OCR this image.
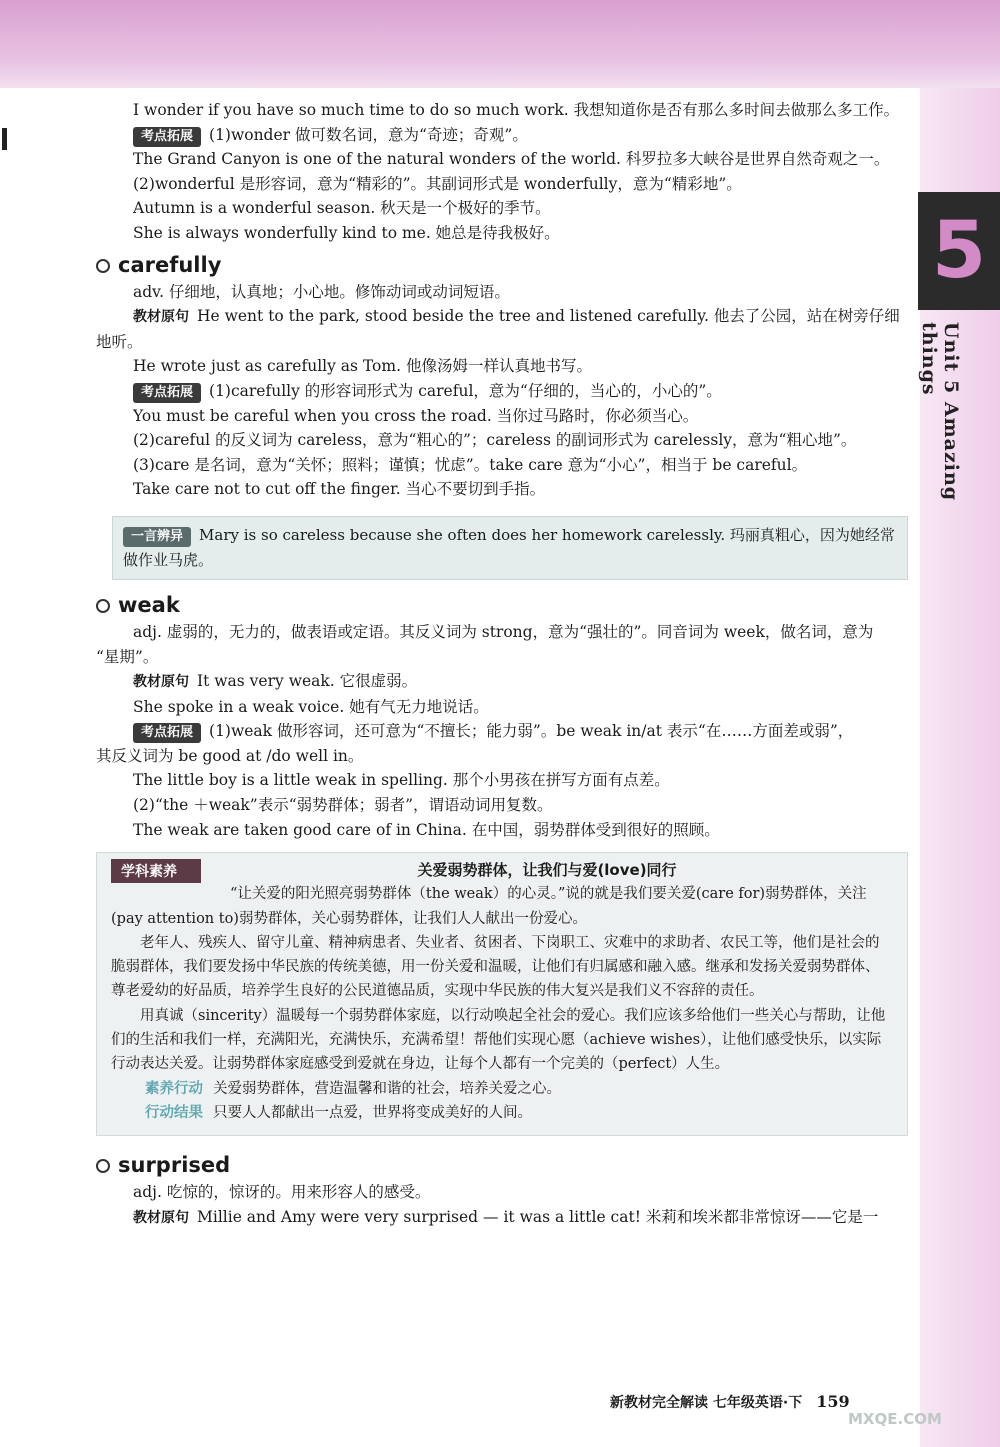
5
Unit 5 Amazing things
I wonder if you have so much time to do so much work. 我想知道你是否有那么多时间去做那么多工作。
考点拓展 (1)wonder 做可数名词，意为“奇迹；奇观”。
The Grand Canyon is one of the natural wonders of the world. 科罗拉多大峡谷是世界自然奇观之一。
(2)wonderful 是形容词，意为“精彩的”。其副词形式是 wonderfully，意为“精彩地”。
Autumn is a wonderful season. 秋天是一个极好的季节。
She is always wonderfully kind to me. 她总是待我极好。
carefully
adv. 仔细地，认真地；小心地。修饰动词或动词短语。
教材原句 He went to the park, stood beside the tree and listened carefully. 他去了公园，站在树旁仔细
地听。
He wrote just as carefully as Tom. 他像汤姆一样认真地书写。
考点拓展 (1)carefully 的形容词形式为 careful，意为“仔细的，当心的，小心的”。
You must be careful when you cross the road. 当你过马路时，你必须当心。
(2)careful 的反义词为 careless，意为“粗心的”；careless 的副词形式为 carelessly，意为“粗心地”。
(3)care 是名词，意为“关怀；照料；谨慎；忧虑”。take care 意为“小心”，相当于 be careful。
Take care not to cut off the finger. 当心不要切到手指。
一言辨异 Mary is so careless because she often does her homework carelessly. 玛丽真粗心，因为她经常做作业马虎。
weak
adj. 虚弱的，无力的，做表语或定语。其反义词为 strong，意为“强壮的”。同音词为 week，做名词，意为
“星期”。
教材原句 It was very weak. 它很虚弱。
She spoke in a weak voice. 她有气无力地说话。
考点拓展 (1)weak 做形容词，还可意为“不擅长；能力弱”。be weak in/at 表示“在……方面差或弱”，
其反义词为 be good at /do well in。
The little boy is a little weak in spelling. 那个小男孩在拼写方面有点差。
(2)“the ＋weak”表示“弱势群体；弱者”，谓语动词用复数。
The weak are taken good care of in China. 在中国，弱势群体受到很好的照顾。
学科素养	关爱弱势群体，让我们与爱(love)同行

“让关爱的阳光照亮弱势群体（the weak）的心灵。”说的就是我们要关爱(care for)弱势群体，关注(pay attention to)弱势群体，关心弱势群体，让我们人人献出一份爱心。

老年人、残疾人、留守儿童、精神病患者、失业者、贫困者、下岗职工、灾难中的求助者、农民工等，他们是社会的脆弱群体，我们要发扬中华民族的传统美德，用一份关爱和温暖，让他们有归属感和融入感。继承和发扬关爱弱势群体、尊老爱幼的好品质，培养学生良好的公民道德品质，实现中华民族的伟大复兴是我们义不容辞的责任。

用真诚（sincerity）温暖每一个弱势群体家庭，以行动唤起全社会的爱心。我们应该多给他们一些关心与帮助，让他们的生活和我们一样，充满阳光，充满快乐，充满希望！帮他们实现心愿（achieve wishes），让他们感受快乐，以实际行动表达关爱。让弱势群体家庭感受到爱就在身边，让每个人都有一个完美的（perfect）人生。

素养行动 关爱弱势群体，营造温馨和谐的社会，培养关爱之心。

行动结果 只要人人都献出一点爱，世界将变成美好的人间。

surprised
adj. 吃惊的，惊讶的。用来形容人的感受。
教材原句 Millie and Amy were very surprised — it was a little cat! 米莉和埃米都非常惊讶——它是一
新教材完全解读 七年级英语·下 159
MXQE.COM
